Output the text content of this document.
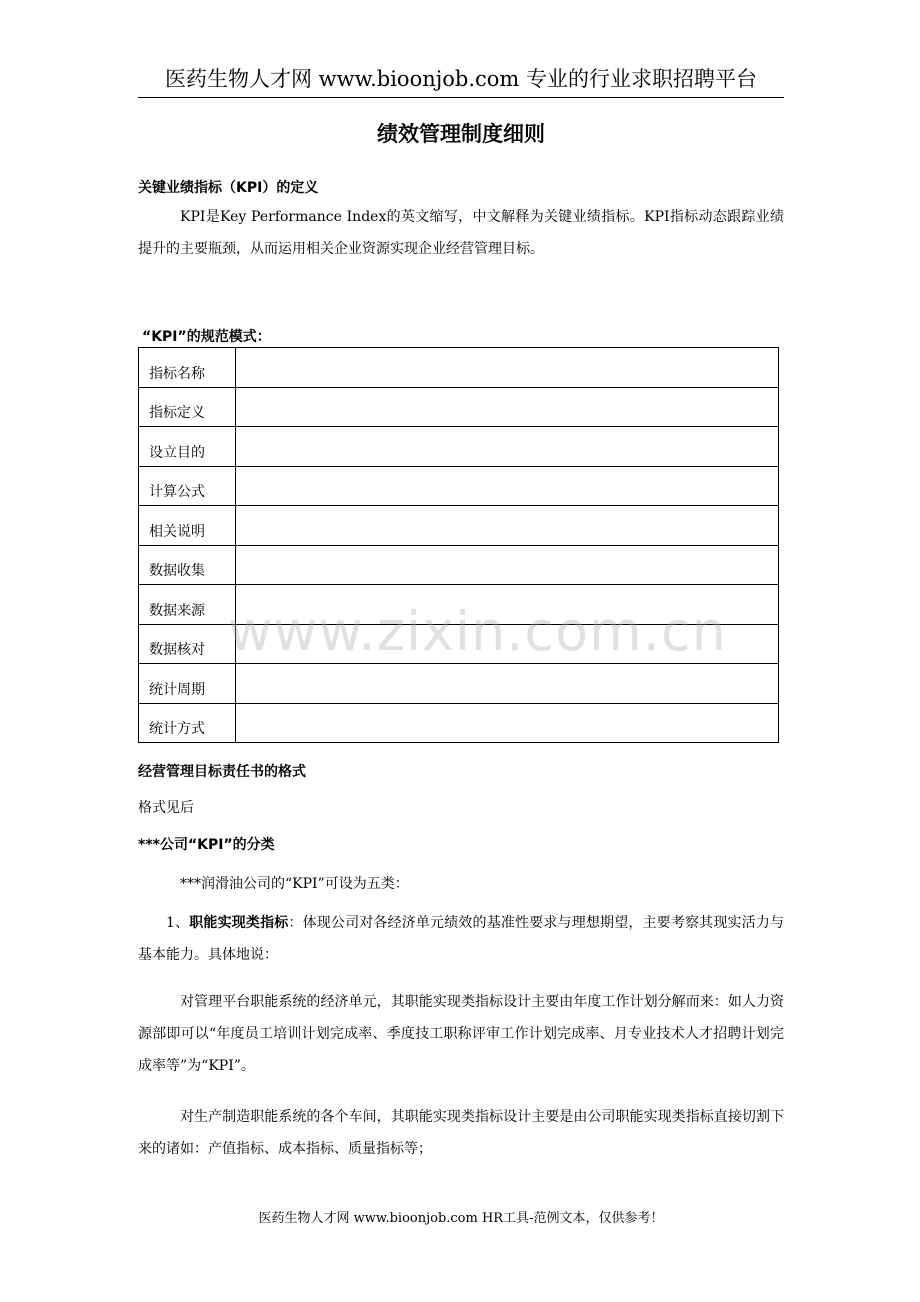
医药生物人才网 www.bioonjob.com 专业的行业求职招聘平台
绩效管理制度细则
关键业绩指标（KPI）的定义
KPI是Key Performance Index的英文缩写，中文解释为关键业绩指标。KPI指标动态跟踪业绩提升的主要瓶颈，从而运用相关企业资源实现企业经营管理目标。
“KPI”的规范模式：
指标名称	
指标定义	
设立目的	
计算公式	
相关说明	
数据收集	
数据来源	
数据核对	
统计周期	
统计方式	
www.zixin.com.cn
经营管理目标责任书的格式
格式见后
***公司“KPI”的分类
***润滑油公司的“KPI”可设为五类：
1、职能实现类指标：体现公司对各经济单元绩效的基准性要求与理想期望，主要考察其现实活力与基本能力。具体地说：
对管理平台职能系统的经济单元，其职能实现类指标设计主要由年度工作计划分解而来：如人力资源部即可以“年度员工培训计划完成率、季度技工职称评审工作计划完成率、月专业技术人才招聘计划完成率等”为“KPI”。
对生产制造职能系统的各个车间，其职能实现类指标设计主要是由公司职能实现类指标直接切割下来的诸如：产值指标、成本指标、质量指标等；
医药生物人才网 www.bioonjob.com HR工具-范例文本，仅供参考！
